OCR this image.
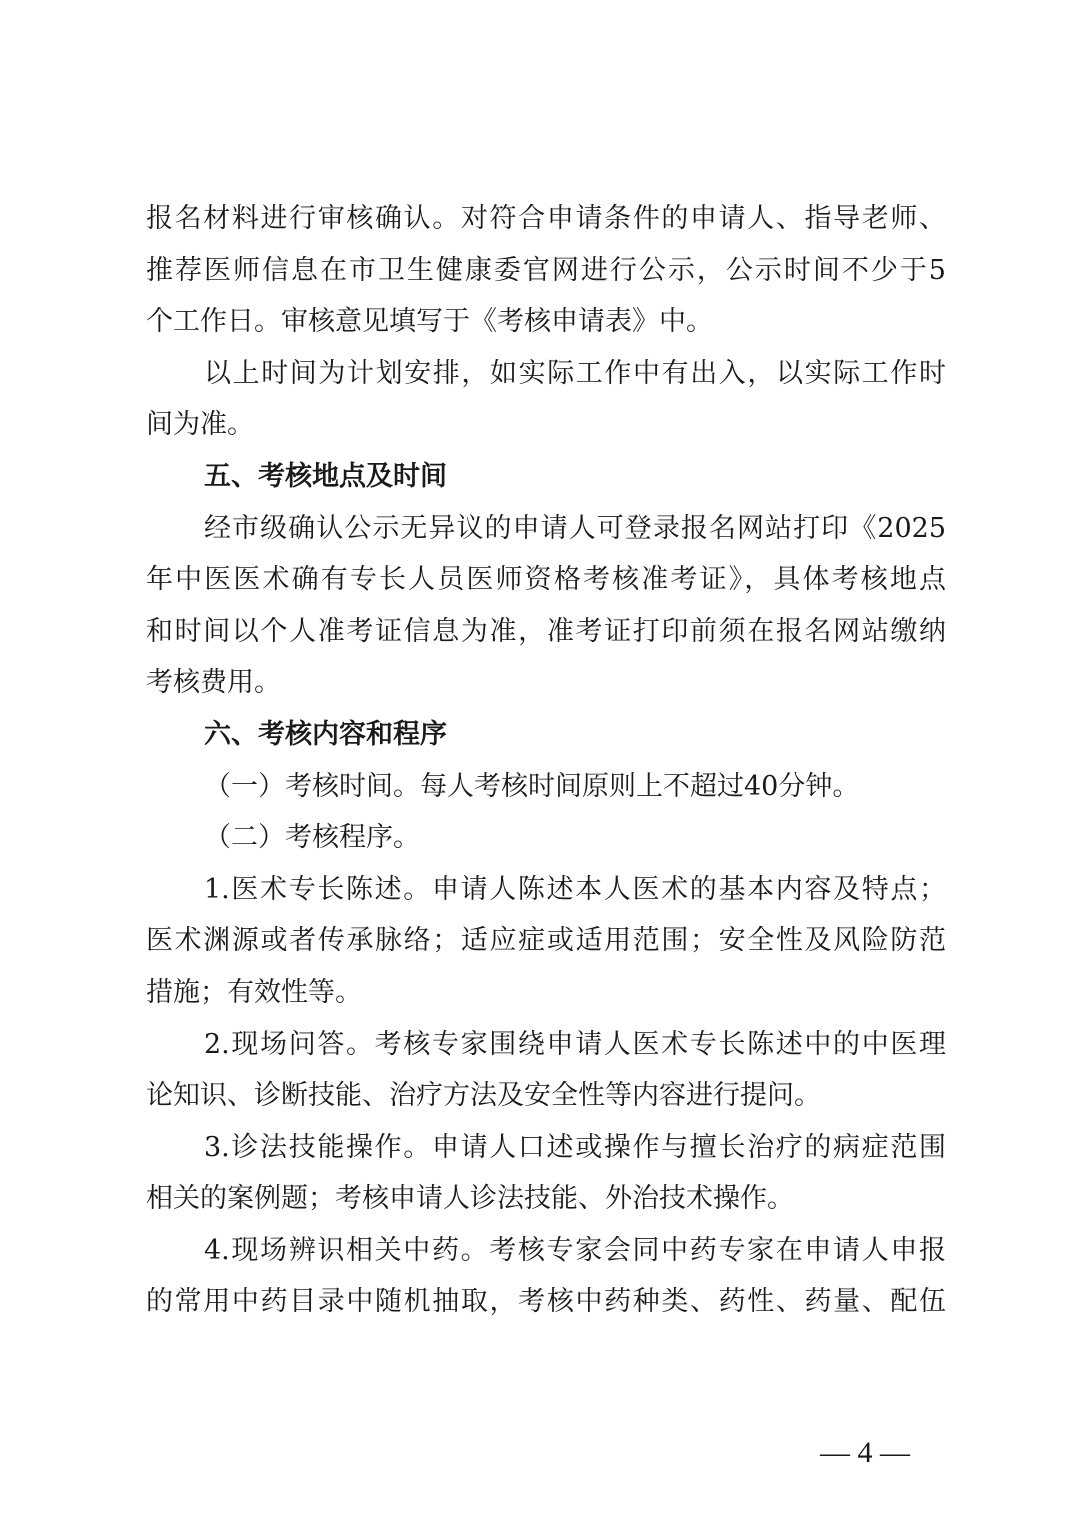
报名材料进行审核确认。对符合申请条件的申请人、指导老师、
推荐医师信息在市卫生健康委官网进行公示，公示时间不少于5
个工作日。审核意见填写于《考核申请表》中。
以上时间为计划安排，如实际工作中有出入，以实际工作时
间为准。
五、考核地点及时间
经市级确认公示无异议的申请人可登录报名网站打印《2025
年中医医术确有专长人员医师资格考核准考证》，具体考核地点
和时间以个人准考证信息为准，准考证打印前须在报名网站缴纳
考核费用。
六、考核内容和程序
（一）考核时间。每人考核时间原则上不超过40分钟。
（二）考核程序。
1.医术专长陈述。申请人陈述本人医术的基本内容及特点；
医术渊源或者传承脉络；适应症或适用范围；安全性及风险防范
措施；有效性等。
2.现场问答。考核专家围绕申请人医术专长陈述中的中医理
论知识、诊断技能、治疗方法及安全性等内容进行提问。
3.诊法技能操作。申请人口述或操作与擅长治疗的病症范围
相关的案例题；考核申请人诊法技能、外治技术操作。
4.现场辨识相关中药。考核专家会同中药专家在申请人申报
的常用中药目录中随机抽取，考核中药种类、药性、药量、配伍
— 4 —
